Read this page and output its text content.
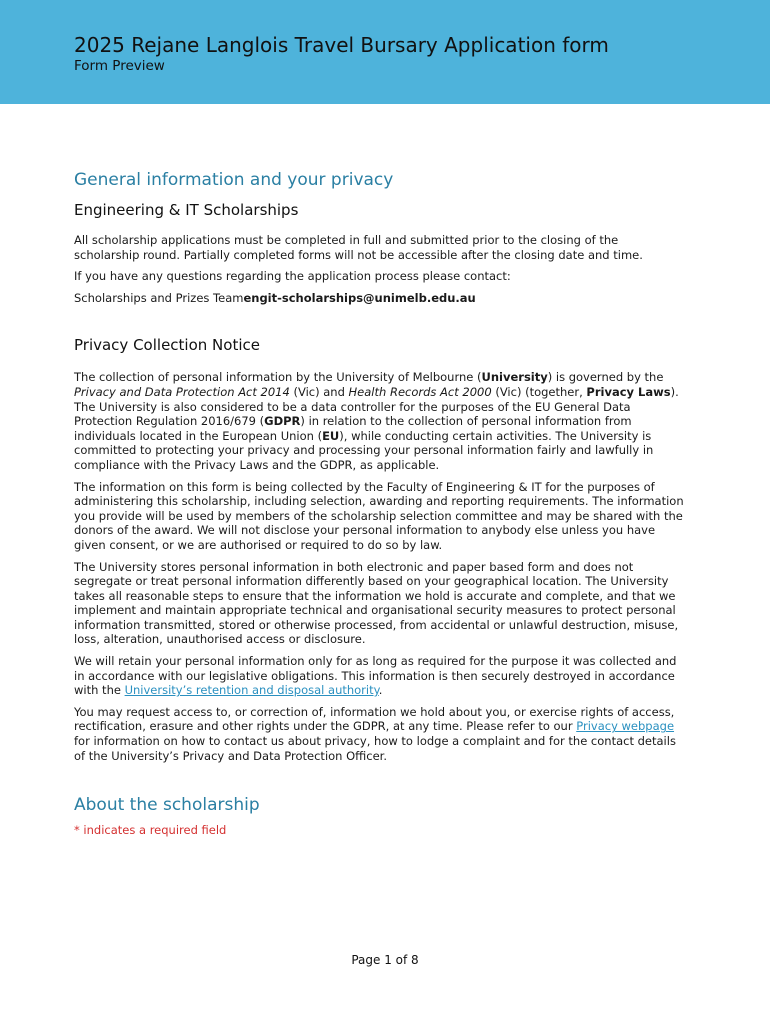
2025 Rejane Langlois Travel Bursary Application form
Form Preview
General information and your privacy
Engineering & IT Scholarships

All scholarship applications must be completed in full and submitted prior to the closing of the scholarship round. Partially completed forms will not be accessible after the closing date and time.

If you have any questions regarding the application process please contact:

Scholarships and Prizes Teamengit-scholarships@unimelb.edu.au

Privacy Collection Notice

The collection of personal information by the University of Melbourne (University) is governed by the Privacy and Data Protection Act 2014 (Vic) and Health Records Act 2000 (Vic) (together, Privacy Laws). The University is also considered to be a data controller for the purposes of the EU General Data Protection Regulation 2016/679 (GDPR) in relation to the collection of personal information from individuals located in the European Union (EU), while conducting certain activities. The University is committed to protecting your privacy and processing your personal information fairly and lawfully in compliance with the Privacy Laws and the GDPR, as applicable.

The information on this form is being collected by the Faculty of Engineering & IT for the purposes of administering this scholarship, including selection, awarding and reporting requirements. The information you provide will be used by members of the scholarship selection committee and may be shared with the donors of the award. We will not disclose your personal information to anybody else unless you have given consent, or we are authorised or required to do so by law.

The University stores personal information in both electronic and paper based form and does not segregate or treat personal information differently based on your geographical location. The University takes all reasonable steps to ensure that the information we hold is accurate and complete, and that we implement and maintain appropriate technical and organisational security measures to protect personal information transmitted, stored or otherwise processed, from accidental or unlawful destruction, misuse, loss, alteration, unauthorised access or disclosure.

We will retain your personal information only for as long as required for the purpose it was collected and in accordance with our legislative obligations. This information is then securely destroyed in accordance with the University’s retention and disposal authority.

You may request access to, or correction of, information we hold about you, or exercise rights of access, rectification, erasure and other rights under the GDPR, at any time. Please refer to our Privacy webpage for information on how to contact us about privacy, how to lodge a complaint and for the contact details of the University’s Privacy and Data Protection Officer.

About the scholarship
* indicates a required field
Page 1 of 8
